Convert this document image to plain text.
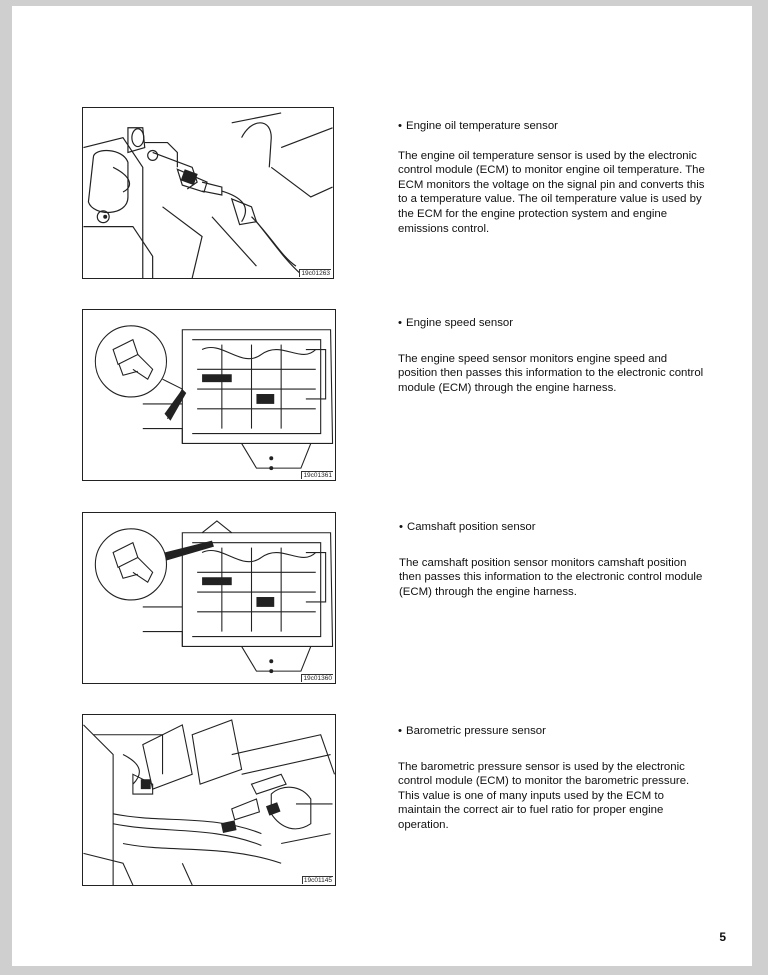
19c01263

• Engine oil temperature sensor

The engine oil temperature sensor is used by the electronic control module (ECM) to monitor engine oil temperature. The ECM monitors the voltage on the signal pin and converts this to a temperature value. The oil temperature value is used by the ECM for the engine protection system and engine emissions control.

19c01361

• Engine speed sensor

The engine speed sensor monitors engine speed and position then passes this information to the electronic control module (ECM) through the engine harness.

19c01360

• Camshaft position sensor

The camshaft position sensor monitors camshaft position then passes this information to the electronic control module (ECM) through the engine harness.

19c01145

• Barometric pressure sensor

The barometric pressure sensor is used by the electronic control module (ECM) to monitor the barometric pressure. This value is one of many inputs used by the ECM to maintain the correct air to fuel ratio for proper engine operation.

5
